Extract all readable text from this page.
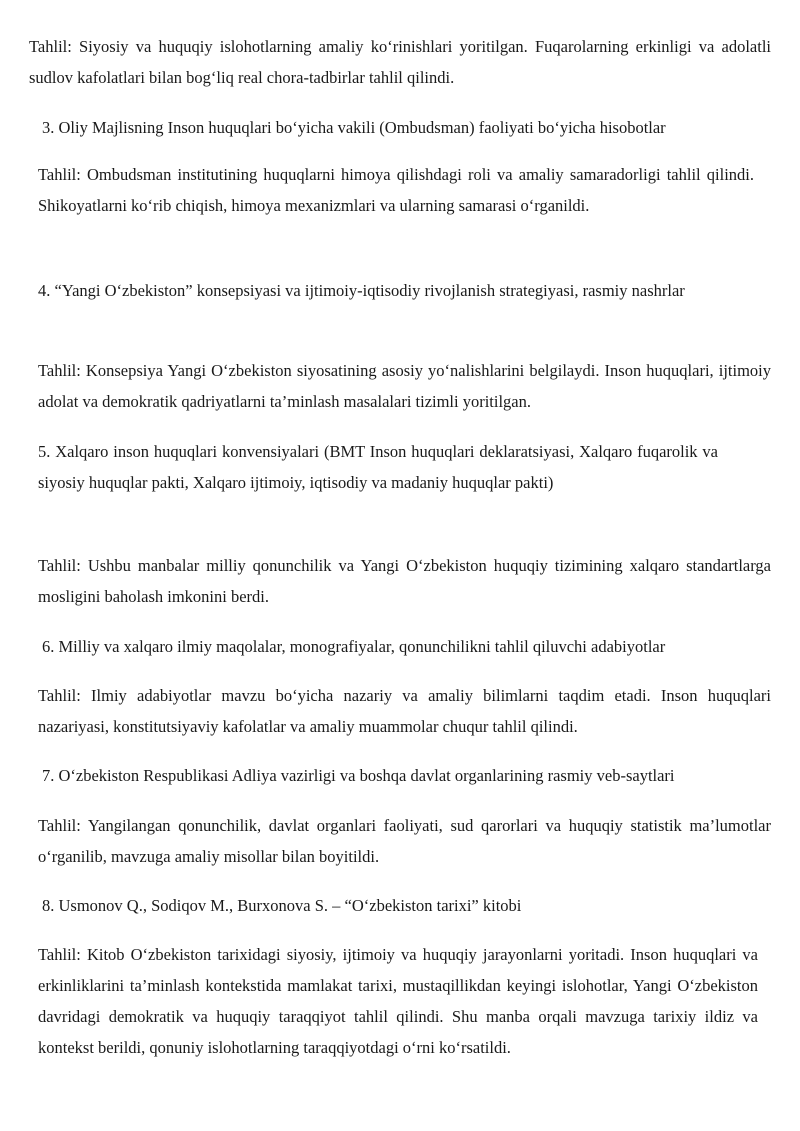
Tahlil: Siyosiy va huquqiy islohotlarning amaliy ko‘rinishlari yoritilgan. Fuqarolarning erkinligi va adolatli sudlov kafolatlari bilan bog‘liq real chora-tadbirlar tahlil qilindi.

3. Oliy Majlisning Inson huquqlari bo‘yicha vakili (Ombudsman) faoliyati bo‘yicha hisobotlar

Tahlil: Ombudsman institutining huquqlarni himoya qilishdagi roli va amaliy samaradorligi tahlil qilindi. Shikoyatlarni ko‘rib chiqish, himoya mexanizmlari va ularning samarasi o‘rganildi.

4. “Yangi O‘zbekiston” konsepsiyasi va ijtimoiy-iqtisodiy rivojlanish strategiyasi, rasmiy nashrlar

Tahlil: Konsepsiya Yangi O‘zbekiston siyosatining asosiy yo‘nalishlarini belgilaydi. Inson huquqlari, ijtimoiy adolat va demokratik qadriyatlarni ta’minlash masalalari tizimli yoritilgan.

5. Xalqaro inson huquqlari konvensiyalari (BMT Inson huquqlari deklaratsiyasi, Xalqaro fuqarolik va siyosiy huquqlar pakti, Xalqaro ijtimoiy, iqtisodiy va madaniy huquqlar pakti)

Tahlil: Ushbu manbalar milliy qonunchilik va Yangi O‘zbekiston huquqiy tizimining xalqaro standartlarga mosligini baholash imkonini berdi.

6. Milliy va xalqaro ilmiy maqolalar, monografiyalar, qonunchilikni tahlil qiluvchi adabiyotlar

Tahlil: Ilmiy adabiyotlar mavzu bo‘yicha nazariy va amaliy bilimlarni taqdim etadi. Inson huquqlari nazariyasi, konstitutsiyaviy kafolatlar va amaliy muammolar chuqur tahlil qilindi.

7. O‘zbekiston Respublikasi Adliya vazirligi va boshqa davlat organlarining rasmiy veb-saytlari

Tahlil: Yangilangan qonunchilik, davlat organlari faoliyati, sud qarorlari va huquqiy statistik ma’lumotlar o‘rganilib, mavzuga amaliy misollar bilan boyitildi.

8. Usmonov Q., Sodiqov M., Burxonova S. – “O‘zbekiston tarixi” kitobi

Tahlil: Kitob O‘zbekiston tarixidagi siyosiy, ijtimoiy va huquqiy jarayonlarni yoritadi. Inson huquqlari va erkinliklarini ta’minlash kontekstida mamlakat tarixi, mustaqillikdan keyingi islohotlar, Yangi O‘zbekiston davridagi demokratik va huquqiy taraqqiyot tahlil qilindi. Shu manba orqali mavzuga tarixiy ildiz va kontekst berildi, qonuniy islohotlarning taraqqiyotdagi o‘rni ko‘rsatildi.
